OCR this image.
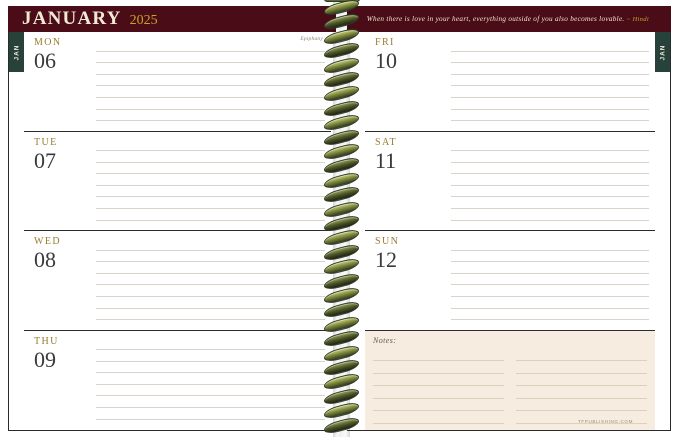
JANUARY 2025	When there is love in your heart, everything outside of you also becomes lovable. ~ Hindi
JAN	JAN
MON
06
Epiphany
TUE
07
WED
08
THU
09
FRI
10
SAT
11
SUN
12
Notes:
TFPUBLISHING.COM
